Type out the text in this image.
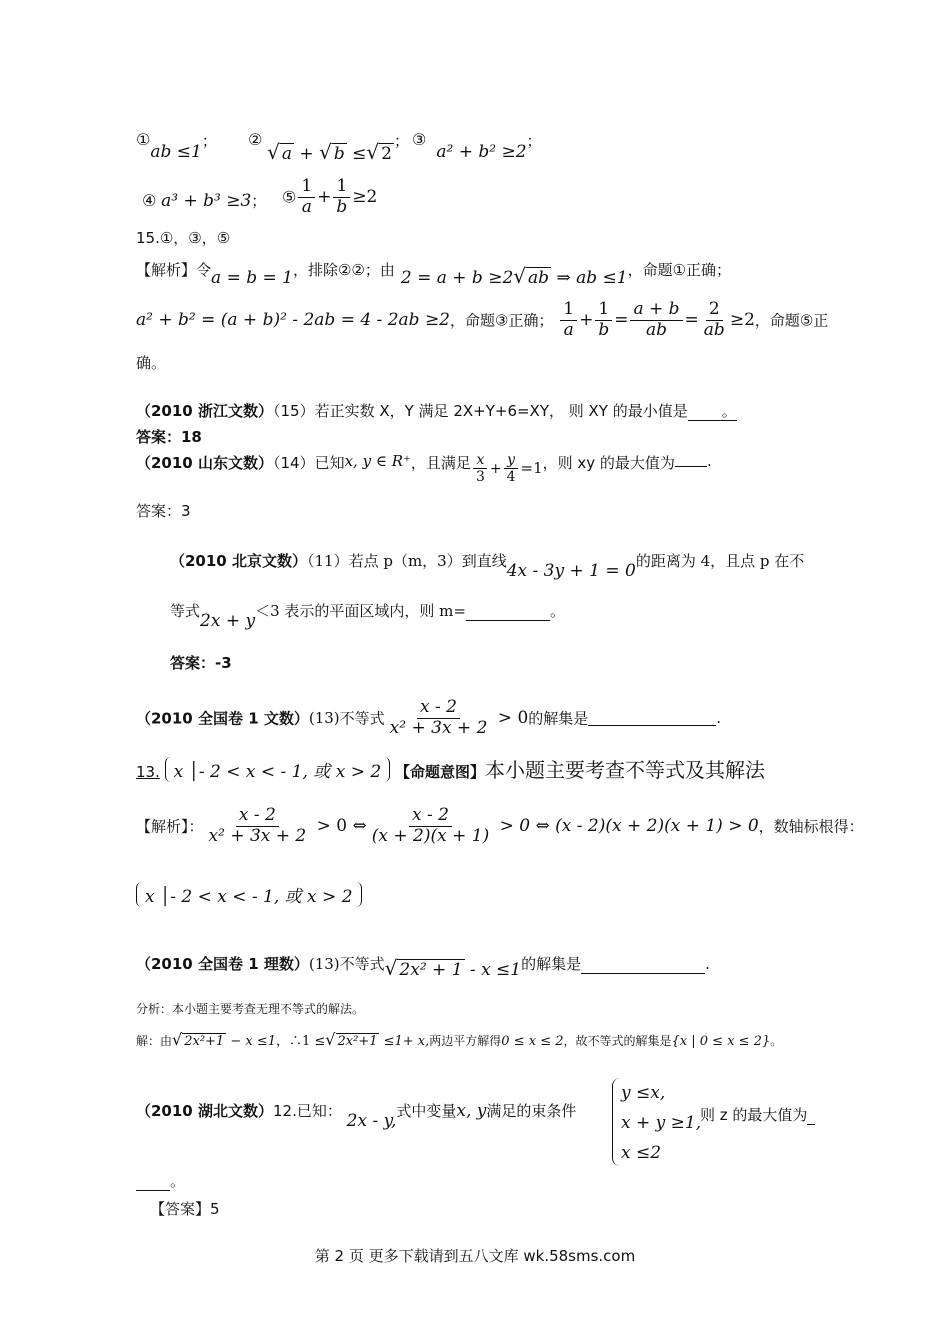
①ab ≤1； ② √ a + √ b ≤√ 2； ③a² + b² ≥2；
④ a³ + b³ ≥3； ⑤ $\frac{1}{a} + \frac{1}{b} \ge 2$
15.①，③，⑤
【解析】令a = b = 1，排除②②；由 2 = a + b ≥2√ ab ⇒ ab ≤1，命题①正确；
a² + b² = (a + b)² - 2ab = 4 - 2ab ≥2，命题③正确； $\frac{1}{a} + \frac{1}{b} = \frac{a + b}{ab} = \frac{2}{ab} \ge 2$，命题⑤正
确。
（2010 浙江文数）（15）若正实数 X，Y 满足 2X+Y+6=XY， 则 XY 的最小值是 。
答案：18
（2010 山东文数）（14）已知x, y ∈ R⁺，且满足 $\frac{x}{3} + \frac{y}{4} =1$，则 xy 的最大值为 .
答案：3
（2010 北京文数）（11）若点 p（m，3）到直线4x - 3y + 1 = 0的距离为 4，且点 p 在不
等式2x + y＜3 表示的平面区域内，则 m=	。
答案：-3
（2010 全国卷 1 文数）(13)不等式 $\frac{x - 2}{\text{x² + 3x + 2}} > 0$的解集是	.
13. x │- 2 < x < - 1, 或 x > 2 【命题意图】本小题主要考查不等式及其解法
【解析】： $\frac{x - 2}{\text{x² + 3x + 2}} > 0$ ⇔ $\frac{x - 2}{(x + 2)(x + 1)} > 0$ ⇔ (x - 2)(x + 2)(x + 1) > 0，数轴标根得：
x │- 2 < x < - 1, 或 x > 2
（2010 全国卷 1 理数）(13)不等式√ 2x² + 1 - x ≤1的解集是	.
分析：本小题主要考查无理不等式的解法。
解：由√ 2x²+1 − x ≤1，∴1 ≤√ 2x²+1 ≤1+ x,两边平方解得0 ≤ x ≤ 2，故不等式的解集是{x | 0 ≤ x ≤ 2}。
（2010 湖北文数）12.已知： 2x - y,式中变量x, y满足的束条件
y ≤x,
x + y ≥1,
x ≤2
则 z 的最大值为
。
【答案】5
第 2 页 更多下载请到五八文库 wk.58sms.com
